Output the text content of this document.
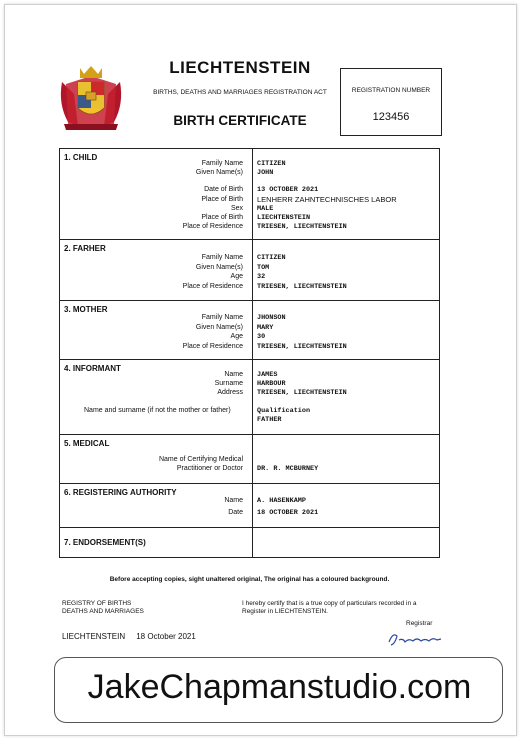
LIECHTENSTEIN
BIRTHS, DEATHS AND MARRIAGES REGISTRATION ACT
BIRTH CERTIFICATE
REGISTRATION NUMBER
123456
1. CHILD
Family Name	CITIZEN
Given Name(s)	JOHN
Date of Birth	13 OCTOBER 2021
Place of Birth	LENHERR ZAHNTECHNISCHES LABOR
Sex	MALE
Place of Birth	LIECHTENSTEIN
Place of Residence	TRIESEN, LIECHTENSTEIN
2. FARHER
Family Name	CITIZEN
Given Name(s)	TOM
Age	32
Place of Residence	TRIESEN, LIECHTENSTEIN
3. MOTHER
Family Name	JHONSON
Given Name(s)	MARY
Age	30
Place of Residence	TRIESEN, LIECHTENSTEIN
4. INFORMANT
Name	JAMES
Surname	HARBOUR
Address	TRIESEN, LIECHTENSTEIN
Name and surname (if not the mother or father)	Qualification
FATHER
5. MEDICAL
Name of Certifying Medical
Practitioner or Doctor	DR. R. MCBURNEY
6. REGISTERING AUTHORITY
Name	A. HASENKAMP
Date	18 OCTOBER 2021
7. ENDORSEMENT(S)
Before accepting copies, sight unaltered original, The original has a coloured background.
REGISTRY OF BIRTHS
DEATHS AND MARRIAGES
I hereby certify that is a true copy of particulars recorded in a
Register in LIECHTENSTEIN.
Registrar
LIECHTENSTEIN     18 October 2021
JakeChapmanstudio.com
